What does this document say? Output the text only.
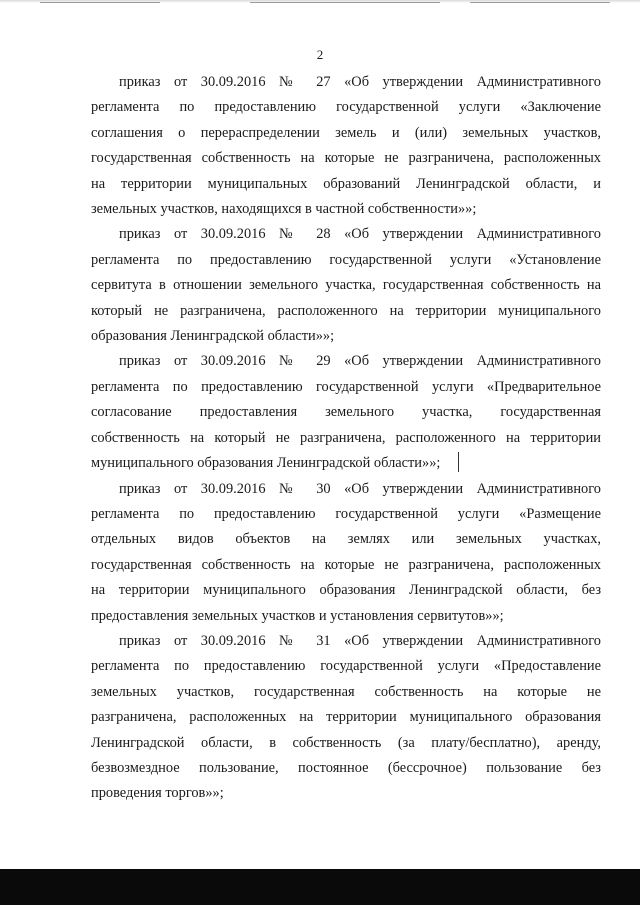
2

приказ от 30.09.2016 № 27 «Об утверждении Административного
регламента по предоставлению государственной услуги «Заключение
соглашения о перераспределении земель и (или) земельных участков,
государственная собственность на которые не разграничена, расположенных
на территории муниципальных образований Ленинградской области, и
земельных участков, находящихся в частной собственности»»;

приказ от 30.09.2016 № 28 «Об утверждении Административного
регламента по предоставлению государственной услуги «Установление
сервитута в отношении земельного участка, государственная собственность на
который не разграничена, расположенного на территории муниципального
образования Ленинградской области»»;

приказ от 30.09.2016 № 29 «Об утверждении Административного
регламента по предоставлению государственной услуги «Предварительное
согласование предоставления земельного участка, государственная
собственность на который не разграничена, расположенного на территории
муниципального образования Ленинградской области»»;

приказ от 30.09.2016 № 30 «Об утверждении Административного
регламента по предоставлению государственной услуги «Размещение
отдельных видов объектов на землях или земельных участках,
государственная собственность на которые не разграничена, расположенных
на территории муниципального образования Ленинградской области, без
предоставления земельных участков и установления сервитутов»»;

приказ от 30.09.2016 № 31 «Об утверждении Административного
регламента по предоставлению государственной услуги «Предоставление
земельных участков, государственная собственность на которые не
разграничена, расположенных на территории муниципального образования
Ленинградской области, в собственность (за плату/бесплатно), аренду,
безвозмездное пользование, постоянное (бессрочное) пользование без
проведения торгов»»;
